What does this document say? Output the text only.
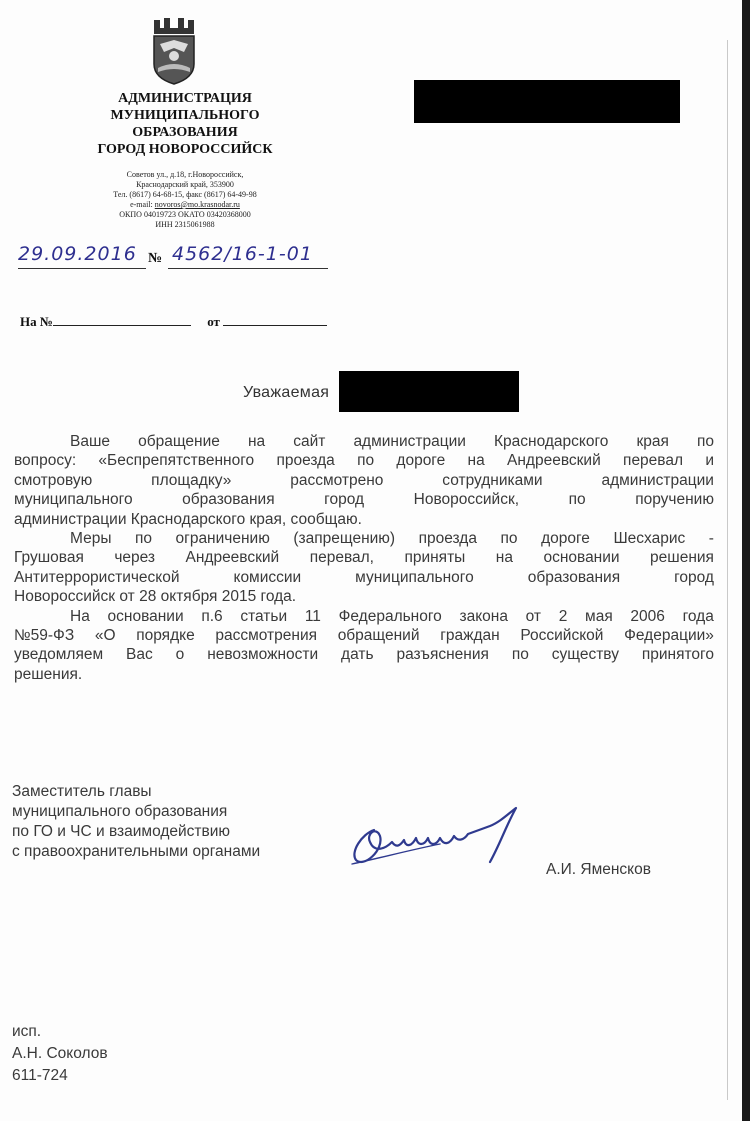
АДМИНИСТРАЦИЯ
МУНИЦИПАЛЬНОГО
ОБРАЗОВАНИЯ
ГОРОД НОВОРОССИЙСК
Советов ул., д.18, г.Новороссийск,
Краснодарский край, 353900
Тел. (8617) 64-68-15, факс (8617) 64-49-98
e-mail: novoros@mo.krasnodar.ru
ОКПО 04019723 ОКАТО 03420368000
ИНН 2315061988
29.09.2016 № 4562/16-1-01
На №	от
Уважаемая
Ваше обращение на сайт администрации Краснодарского края по
вопросу: «Беспрепятственного проезда по дороге на Андреевский перевал и
смотровую	площадку»	рассмотрено	сотрудниками	администрации
муниципального	образования	город	Новороссийск,	по	поручению
администрации Краснодарского края, сообщаю.
Меры по ограничению (запрещению) проезда по дороге Шесхарис -
Грушовая через Андреевский перевал, приняты на основании решения
Антитеррористической	комиссии	муниципального	образования	город
Новороссийск от 28 октября 2015 года.
На основании п.6 статьи 11 Федерального закона от 2 мая 2006 года
№59-ФЗ «О порядке рассмотрения обращений граждан Российской Федерации»
уведомляем Вас о невозможности дать разъяснения по существу принятого
решения.
Заместитель главы
муниципального образования
по ГО и ЧС и взаимодействию
с правоохранительными органами
А.И. Яменсков
исп.
А.Н. Соколов
611-724
